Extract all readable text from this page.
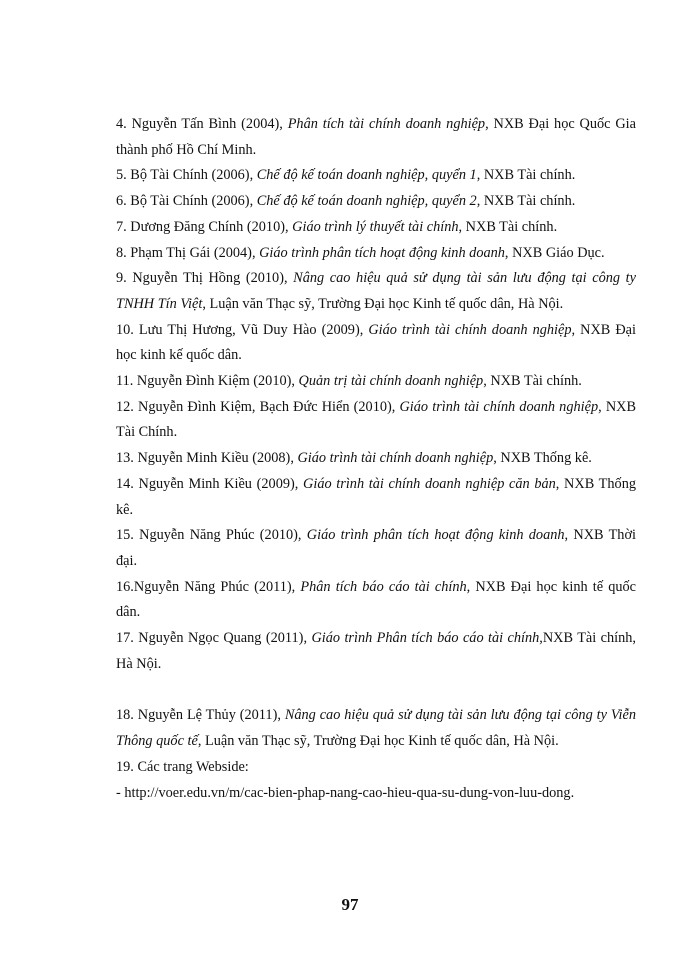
4. Nguyễn Tấn Bình (2004), Phân tích tài chính doanh nghiệp, NXB Đại học Quốc Gia thành phố Hồ Chí Minh.

5. Bộ Tài Chính (2006), Chế độ kế toán doanh nghiệp, quyển 1, NXB Tài chính.

6. Bộ Tài Chính (2006), Chế độ kế toán doanh nghiệp, quyển 2, NXB Tài chính.

7. Dương Đăng Chính (2010), Giáo trình lý thuyết tài chính, NXB Tài chính.

8. Phạm Thị Gái (2004), Giáo trình phân tích hoạt động kinh doanh, NXB Giáo Dục.

9. Nguyễn Thị Hồng (2010), Nâng cao hiệu quả sử dụng tài sản lưu động tại công ty TNHH Tín Việt, Luận văn Thạc sỹ, Trường Đại học Kinh tế quốc dân, Hà Nội.

10. Lưu Thị Hương, Vũ Duy Hào (2009), Giáo trình tài chính doanh nghiệp, NXB Đại học kinh kế quốc dân.

11. Nguyễn Đình Kiệm (2010), Quản trị tài chính doanh nghiệp, NXB Tài chính.

12. Nguyễn Đình Kiệm, Bạch Đức Hiển (2010), Giáo trình tài chính doanh nghiệp, NXB Tài Chính.

13. Nguyễn Minh Kiều (2008), Giáo trình tài chính doanh nghiệp, NXB Thống kê.

14. Nguyễn Minh Kiều (2009), Giáo trình tài chính doanh nghiệp căn bản, NXB Thống kê.

15. Nguyễn Năng Phúc (2010), Giáo trình phân tích hoạt động kinh doanh, NXB Thời đại.

16.Nguyễn Năng Phúc (2011), Phân tích báo cáo tài chính, NXB Đại học kinh tế quốc dân.

17. Nguyễn Ngọc Quang (2011), Giáo trình Phân tích báo cáo tài chính,NXB Tài chính, Hà Nội.

18. Nguyễn Lệ Thủy (2011), Nâng cao hiệu quả sử dụng tài sản lưu động tại công ty Viễn Thông quốc tế, Luận văn Thạc sỹ, Trường Đại học Kinh tế quốc dân, Hà Nội.

19. Các trang Webside:

- http://voer.edu.vn/m/cac-bien-phap-nang-cao-hieu-qua-su-dung-von-luu-dong.

97
